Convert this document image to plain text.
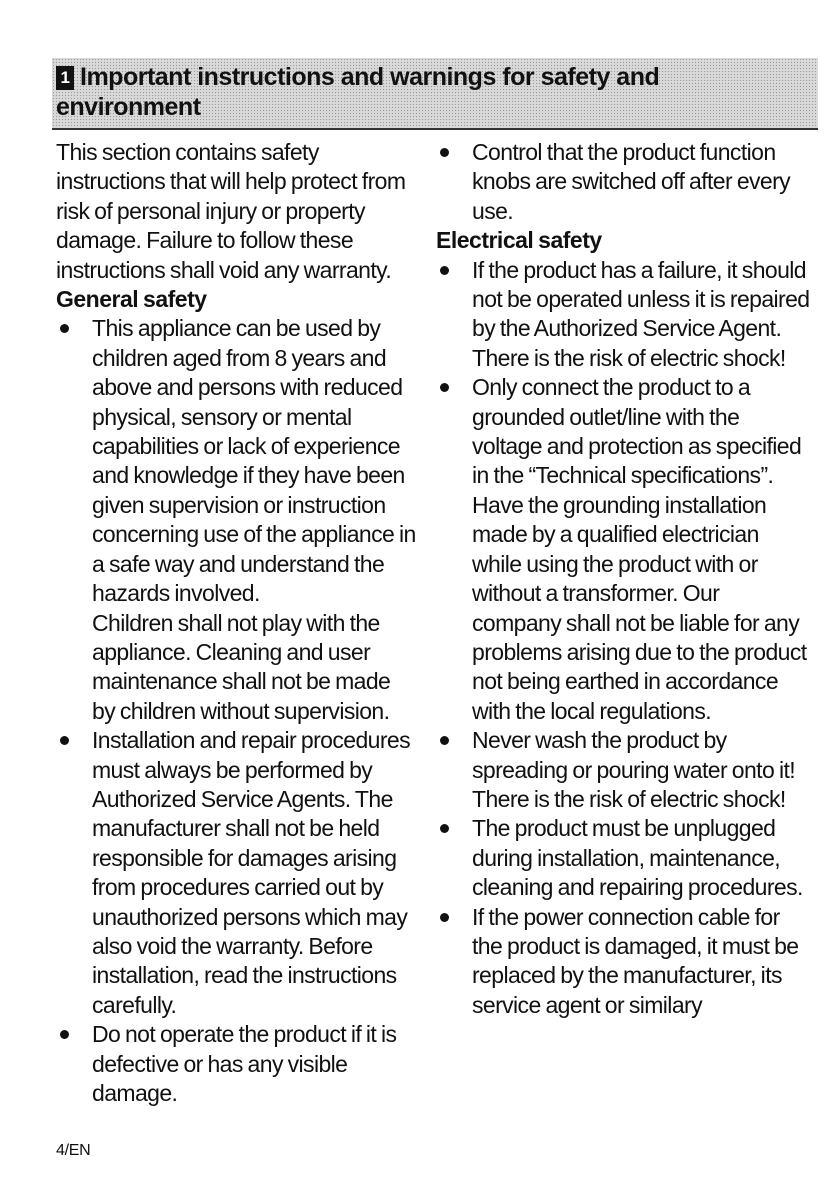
1 Important instructions and warnings for safety and environment

This section contains safety instructions that will help protect from risk of personal injury or property damage. Failure to follow these instructions shall void any warranty.

General safety

This appliance can be used by children aged from 8 years and above and persons with reduced physical, sensory or mental capabilities or lack of experience and knowledge if they have been given supervision or instruction concerning use of the appliance in a safe way and understand the hazards involved.

Children shall not play with the appliance. Cleaning and user maintenance shall not be made by children without supervision.

Installation and repair procedures must always be performed by Authorized Service Agents. The manufacturer shall not be held responsible for damages arising from procedures carried out by unauthorized persons which may also void the warranty. Before installation, read the instructions carefully.

Do not operate the product if it is defective or has any visible damage.

Control that the product function knobs are switched off after every use.

Electrical safety

If the product has a failure, it should not be operated unless it is repaired by the Authorized Service Agent. There is the risk of electric shock!

Only connect the product to a grounded outlet/line with the voltage and protection as specified in the “Technical specifications”. Have the grounding installation made by a qualified electrician while using the product with or without a transformer. Our company shall not be liable for any problems arising due to the product not being earthed in accordance with the local regulations.

Never wash the product by spreading or pouring water onto it! There is the risk of electric shock!

The product must be unplugged during installation, maintenance, cleaning and repairing procedures.

If the power connection cable for the product is damaged, it must be replaced by the manufacturer, its service agent or similary

4/EN
